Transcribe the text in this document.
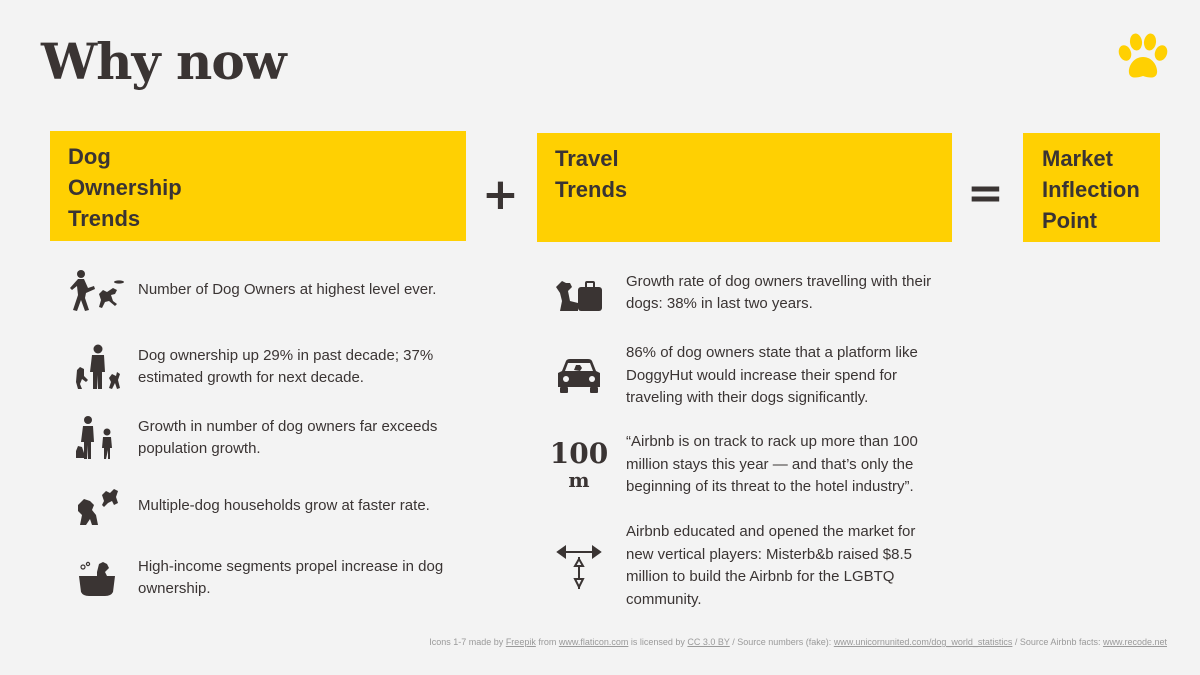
Why now
Dog
Ownership
Trends	+
Travel
Trends	=
Market
Inflection
Point
Number of Dog Owners at highest level ever.
Dog ownership up 29% in past decade; 37% estimated growth for next decade.
Growth in number of dog owners far exceeds population growth.
Multiple-dog households grow at faster rate.
High-income segments propel increase in dog ownership.
Growth rate of dog owners travelling with their dogs: 38% in last two years.
86% of dog owners state that a platform like DoggyHut would increase their spend for traveling with their dogs significantly.
100
m
“Airbnb is on track to rack up more than 100 million stays this year — and that’s only the beginning of its threat to the hotel industry”.
Airbnb educated and opened the market for new vertical players: Misterb&b raised $8.5 million to build the Airbnb for the LGBTQ community.
Icons 1-7 made by Freepik from www.flaticon.com is licensed by CC 3.0 BY / Source numbers (fake): www.unicornunited.com/dog_world_statistics / Source Airbnb facts: www.recode.net
